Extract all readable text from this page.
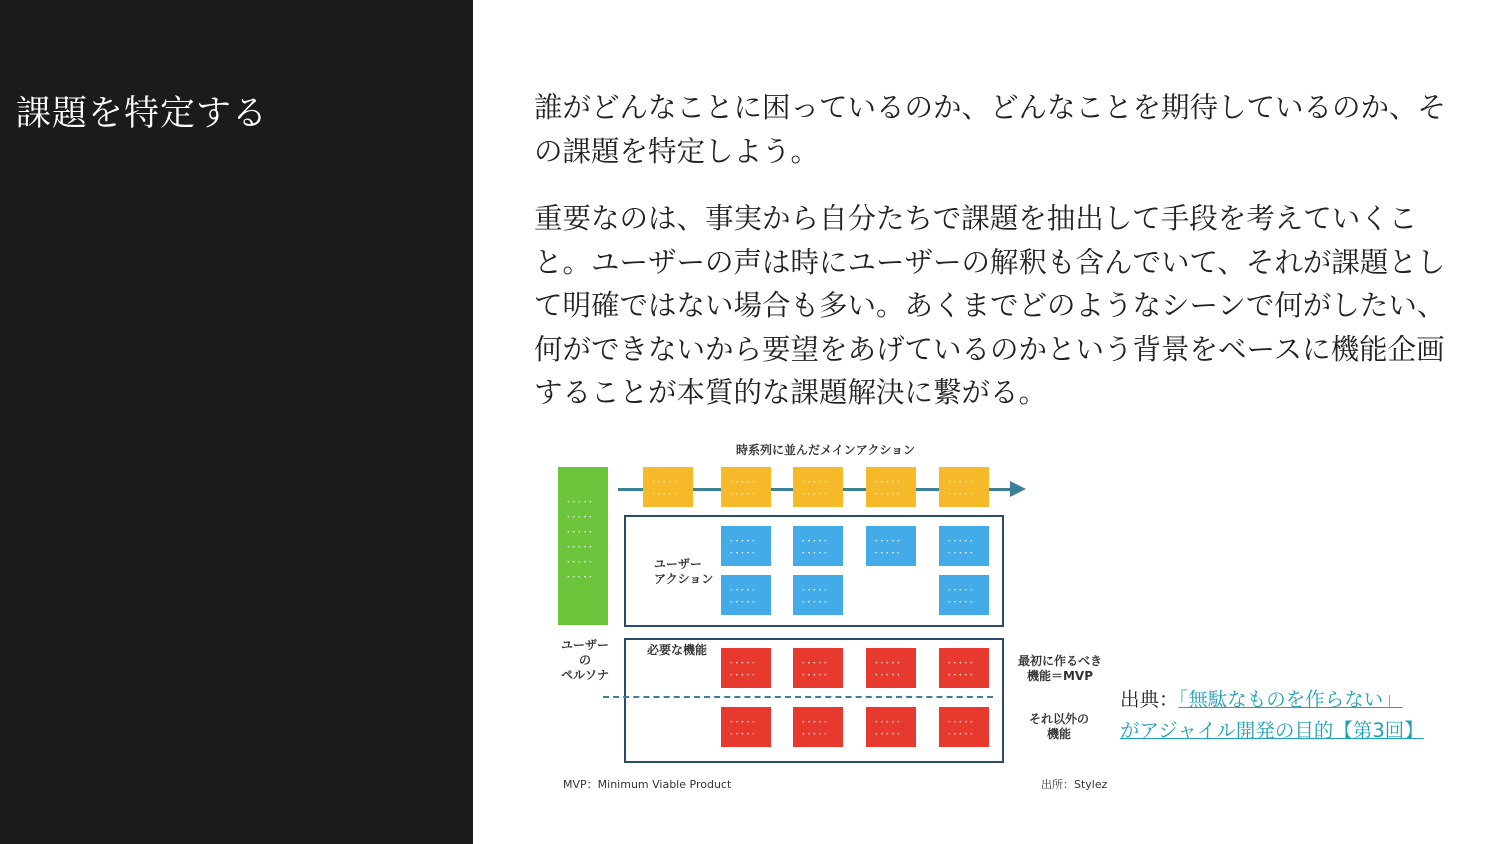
課題を特定する	誰がどんなことに困っているのか、どんなことを期待しているのか、その課題を特定しよう。

重要なのは、事実から自分たちで課題を抽出して手段を考えていくこと。ユーザーの声は時にユーザーの解釈も含んでいて、それが課題として明確ではない場合も多い。あくまでどのようなシーンで何がしたい、何ができないから要望をあげているのかという背景をベースに機能企画することが本質的な課題解決に繋がる。

時系列に並んだメインアクション
．．．．．
．．．．．
．．．．．
．．．．．
．．．．．
．．．．．
．．．．．
．．．．．
．．．．．
．．．．．
．．．．．
．．．．．
．．．．．
．．．．．
．．．．．
．．．．．
ユーザー
アクション
．．．．．
．．．．．
．．．．．
．．．．．
．．．．．
．．．．．
．．．．．
．．．．．
．．．．．
．．．．．
．．．．．
．．．．．
．．．．．
．．．．．
ユーザー
の
ペルソナ
必要な機能
．．．．．
．．．．．
．．．．．
．．．．．
．．．．．
．．．．．
．．．．．
．．．．．
．．．．．
．．．．．
．．．．．
．．．．．
．．．．．
．．．．．
．．．．．
．．．．．
最初に作るべき
機能＝MVP
それ以外の
機能
MVP：Minimum Viable Product	出所：Stylez
出典：「無駄なものを作らない」
がアジャイル開発の目的【第3回】
